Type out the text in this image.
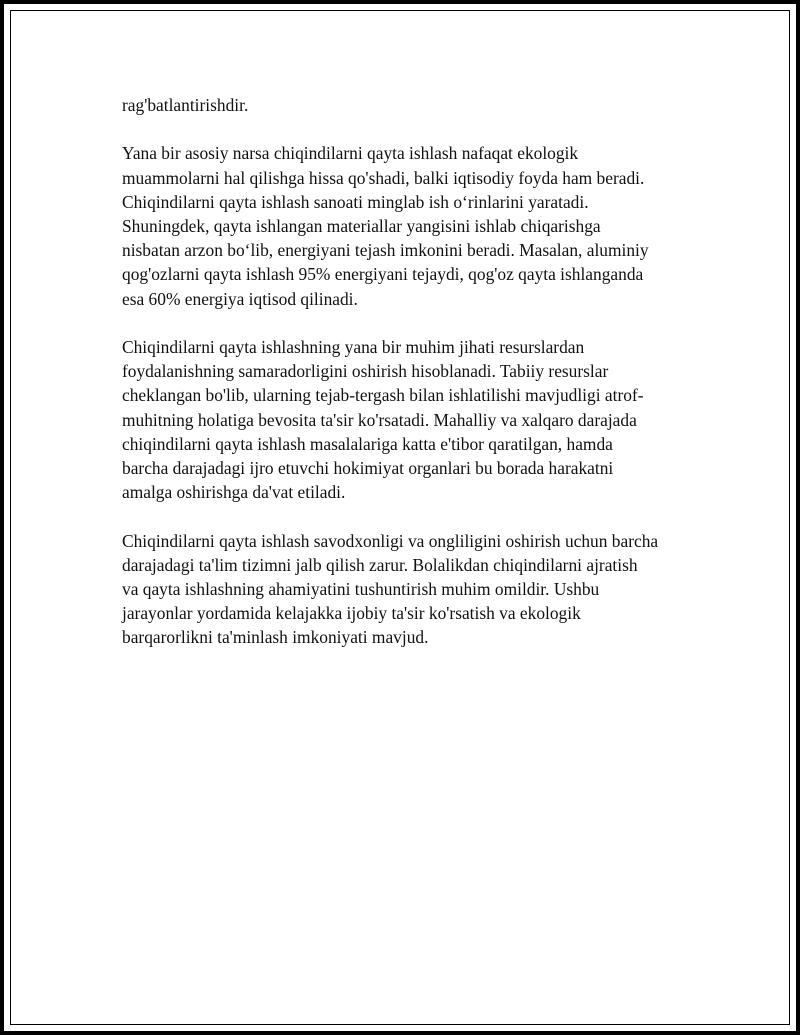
rag'batlantirishdir.

Yana bir asosiy narsa chiqindilarni qayta ishlash nafaqat ekologik
muammolarni hal qilishga hissa qo'shadi, balki iqtisodiy foyda ham beradi.
Chiqindilarni qayta ishlash sanoati minglab ish o‘rinlarini yaratadi.
Shuningdek, qayta ishlangan materiallar yangisini ishlab chiqarishga
nisbatan arzon bo‘lib, energiyani tejash imkonini beradi. Masalan, aluminiy
qog'ozlarni qayta ishlash 95% energiyani tejaydi, qog'oz qayta ishlanganda
esa 60% energiya iqtisod qilinadi.

Chiqindilarni qayta ishlashning yana bir muhim jihati resurslardan
foydalanishning samaradorligini oshirish hisoblanadi. Tabiiy resurslar
cheklangan bo'lib, ularning tejab-tergash bilan ishlatilishi mavjudligi atrof-
muhitning holatiga bevosita ta'sir ko'rsatadi. Mahalliy va xalqaro darajada
chiqindilarni qayta ishlash masalalariga katta e'tibor qaratilgan, hamda
barcha darajadagi ijro etuvchi hokimiyat organlari bu borada harakatni
amalga oshirishga da'vat etiladi.

Chiqindilarni qayta ishlash savodxonligi va ongliligini oshirish uchun barcha
darajadagi ta'lim tizimni jalb qilish zarur. Bolalikdan chiqindilarni ajratish
va qayta ishlashning ahamiyatini tushuntirish muhim omildir. Ushbu
jarayonlar yordamida kelajakka ijobiy ta'sir ko'rsatish va ekologik
barqarorlikni ta'minlash imkoniyati mavjud.
